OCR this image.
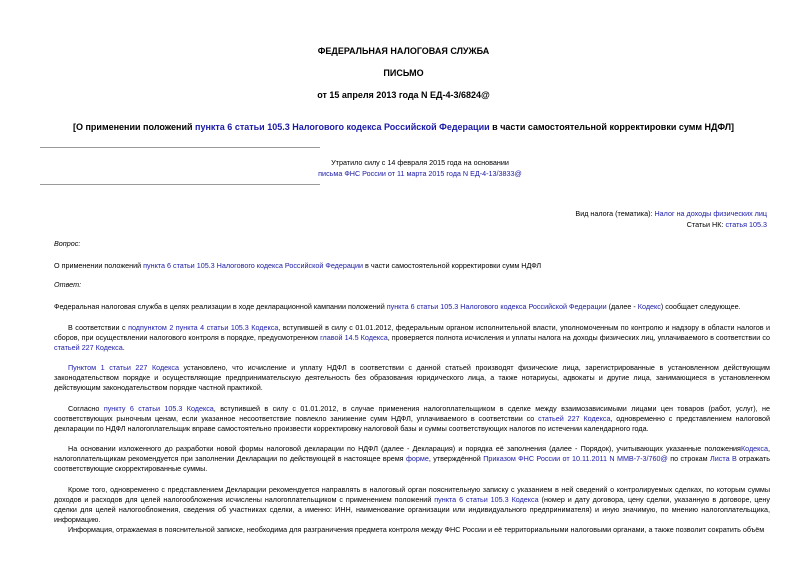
ФЕДЕРАЛЬНАЯ НАЛОГОВАЯ СЛУЖБА
ПИСЬМО
от 15 апреля 2013 года N ЕД-4-3/6824@
[О применении положений пункта 6 статьи 105.3 Налогового кодекса Российской Федерации в части самостоятельной корректировки сумм НДФЛ]
Утратило силу с 14 февраля 2015 года на основании
письма ФНС России от 11 марта 2015 года N ЕД-4-13/3833@
Вид налога (тематика): Налог на доходы физических лиц
Статьи НК: статья 105.3
Вопрос:
О применении положений пункта 6 статьи 105.3 Налогового кодекса Российской Федерации в части самостоятельной корректировки сумм НДФЛ
Ответ:
Федеральная налоговая служба в целях реализации в ходе декларационной кампании положений пункта 6 статьи 105.3 Налогового кодекса Российской Федерации (далее - Кодекс) сообщает следующее.
В соответствии с подпунктом 2 пункта 4 статьи 105.3 Кодекса, вступившей в силу с 01.01.2012, федеральным органом исполнительной власти, уполномоченным по контролю и надзору в области налогов и сборов, при осуществлении налогового контроля в порядке, предусмотренном главой 14.5 Кодекса, проверяется полнота исчисления и уплаты налога на доходы физических лиц, уплачиваемого в соответствии со статьей 227 Кодекса.
Пунктом 1 статьи 227 Кодекса установлено, что исчисление и уплату НДФЛ в соответствии с данной статьей производят физические лица, зарегистрированные в установленном действующим законодательством порядке и осуществляющие предпринимательскую деятельность без образования юридического лица, а также нотариусы, адвокаты и другие лица, занимающиеся в установленном действующим законодательством порядке частной практикой.
Согласно пункту 6 статьи 105.3 Кодекса, вступившей в силу с 01.01.2012, в случае применения налогоплательщиком в сделке между взаимозависимыми лицами цен товаров (работ, услуг), не соответствующих рыночным ценам, если указанное несоответствие повлекло занижение сумм НДФЛ, уплачиваемого в соответствии со статьей 227 Кодекса, одновременно с представлением налоговой декларации по НДФЛ налогоплательщик вправе самостоятельно произвести корректировку налоговой базы и суммы соответствующих налогов по истечении календарного года.
На основании изложенного до разработки новой формы налоговой декларации по НДФЛ (далее - Декларация) и порядка её заполнения (далее - Порядок), учитывающих указанные положенияКодекса, налогоплательщикам рекомендуется при заполнении Декларации по действующей в настоящее время форме, утверждённой Приказом ФНС России от 10.11.2011 N ММВ-7-3/760@ по строкам Листа В отражать соответствующие скорректированные суммы.
Кроме того, одновременно с представлением Декларации рекомендуется направлять в налоговый орган пояснительную записку с указанием в ней сведений о контролируемых сделках, по которым суммы доходов и расходов для целей налогообложения исчислены налогоплательщиком с применением положений пункта 6 статьи 105.3 Кодекса (номер и дату договора, цену сделки, указанную в договоре, цену сделки для целей налогообложения, сведения об участниках сделки, а именно: ИНН, наименование организации или индивидуального предпринимателя) и иную значимую, по мнению налогоплательщика, информацию.
Информация, отражаемая в пояснительной записке, необходима для разграничения предмета контроля между ФНС России и её территориальными налоговыми органами, а также позволит сократить объём
